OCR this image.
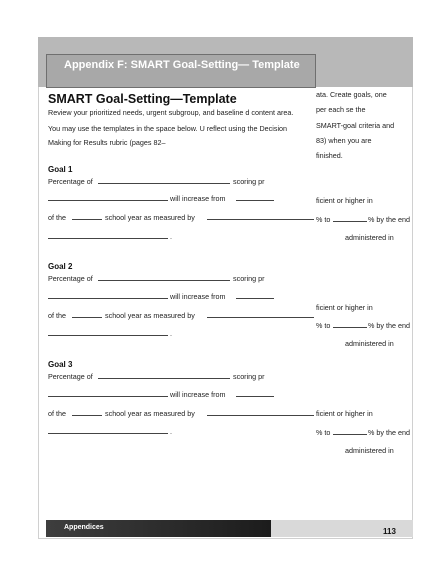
Appendix F: SMART Goal-Setting— Template
SMART Goal-Setting—Template
Review your prioritized needs, urgent subgroup, and baseline d content area.
You may use the templates in the space below. U reflect using the Decision
Making for Results rubric (pages 82–
ata. Create goals, one
per each se the
SMART-goal criteria and
83) when you are
finished.
Goal 1
Percentage of	scoring pr
will increase from	ficient or higher in
of the	school year as measured by	% to	% by the end
.	administered in
Goal 2
Percentage of	scoring pr
will increase from
ficient or higher in
of the	school year as measured by
% to	% by the end
.
administered in
Goal 3
Percentage of	scoring pr
will increase from
ficient or higher in
of the	school year as measured by
% to	% by the end
.
administered in
Appendices	113
